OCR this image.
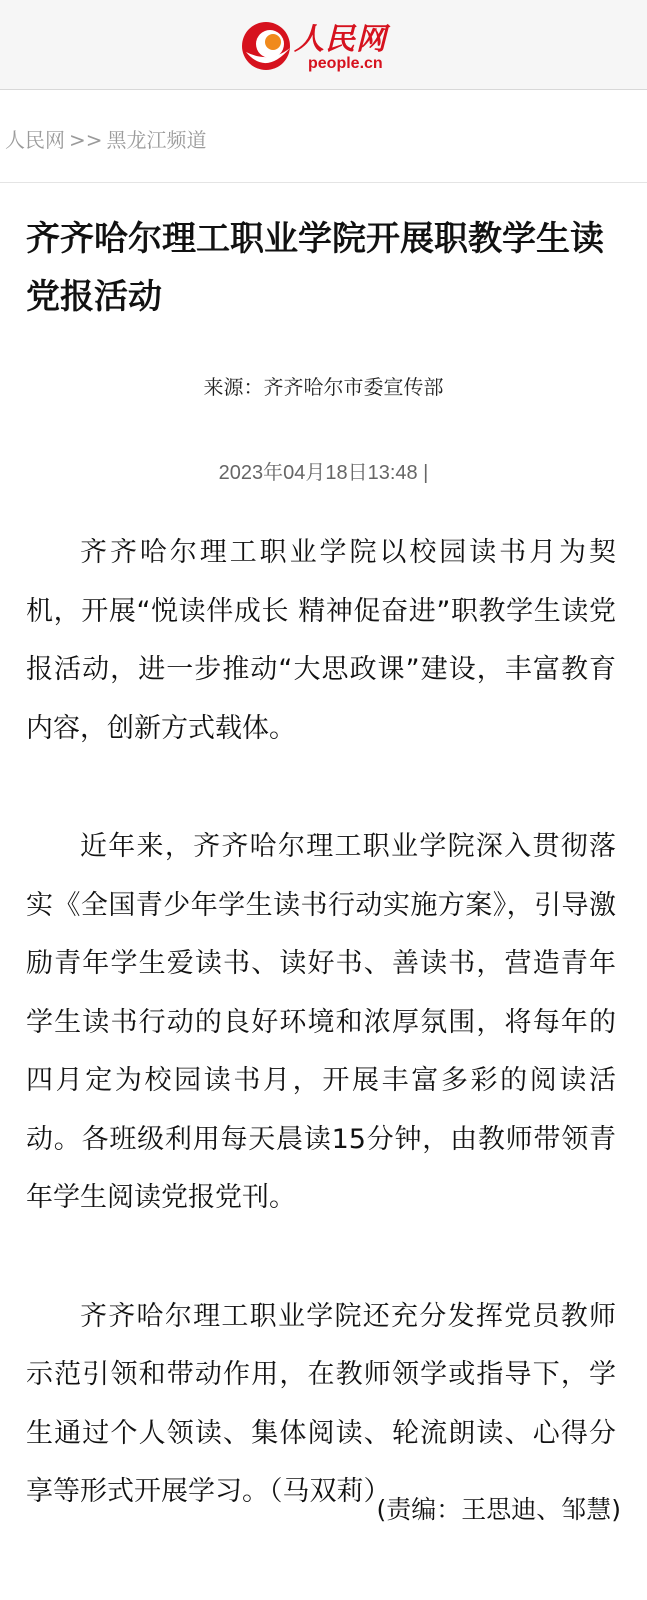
人民网
people.cn
人民网 >> 黑龙江频道
齐齐哈尔理工职业学院开展职教学生读党报活动
来源：齐齐哈尔市委宣传部
2023年04月18日13:48 |

齐齐哈尔理工职业学院以校园读书月为契机，开展“悦读伴成长 精神促奋进”职教学生读党报活动，进一步推动“大思政课”建设，丰富教育内容，创新方式载体。

近年来，齐齐哈尔理工职业学院深入贯彻落实《全国青少年学生读书行动实施方案》，引导激励青年学生爱读书、读好书、善读书，营造青年学生读书行动的良好环境和浓厚氛围，将每年的四月定为校园读书月，开展丰富多彩的阅读活动。各班级利用每天晨读15分钟，由教师带领青年学生阅读党报党刊。

齐齐哈尔理工职业学院还充分发挥党员教师示范引领和带动作用，在教师领学或指导下，学生通过个人领读、集体阅读、轮流朗读、心得分享等形式开展学习。（马双莉）

(责编：王思迪、邹慧)
